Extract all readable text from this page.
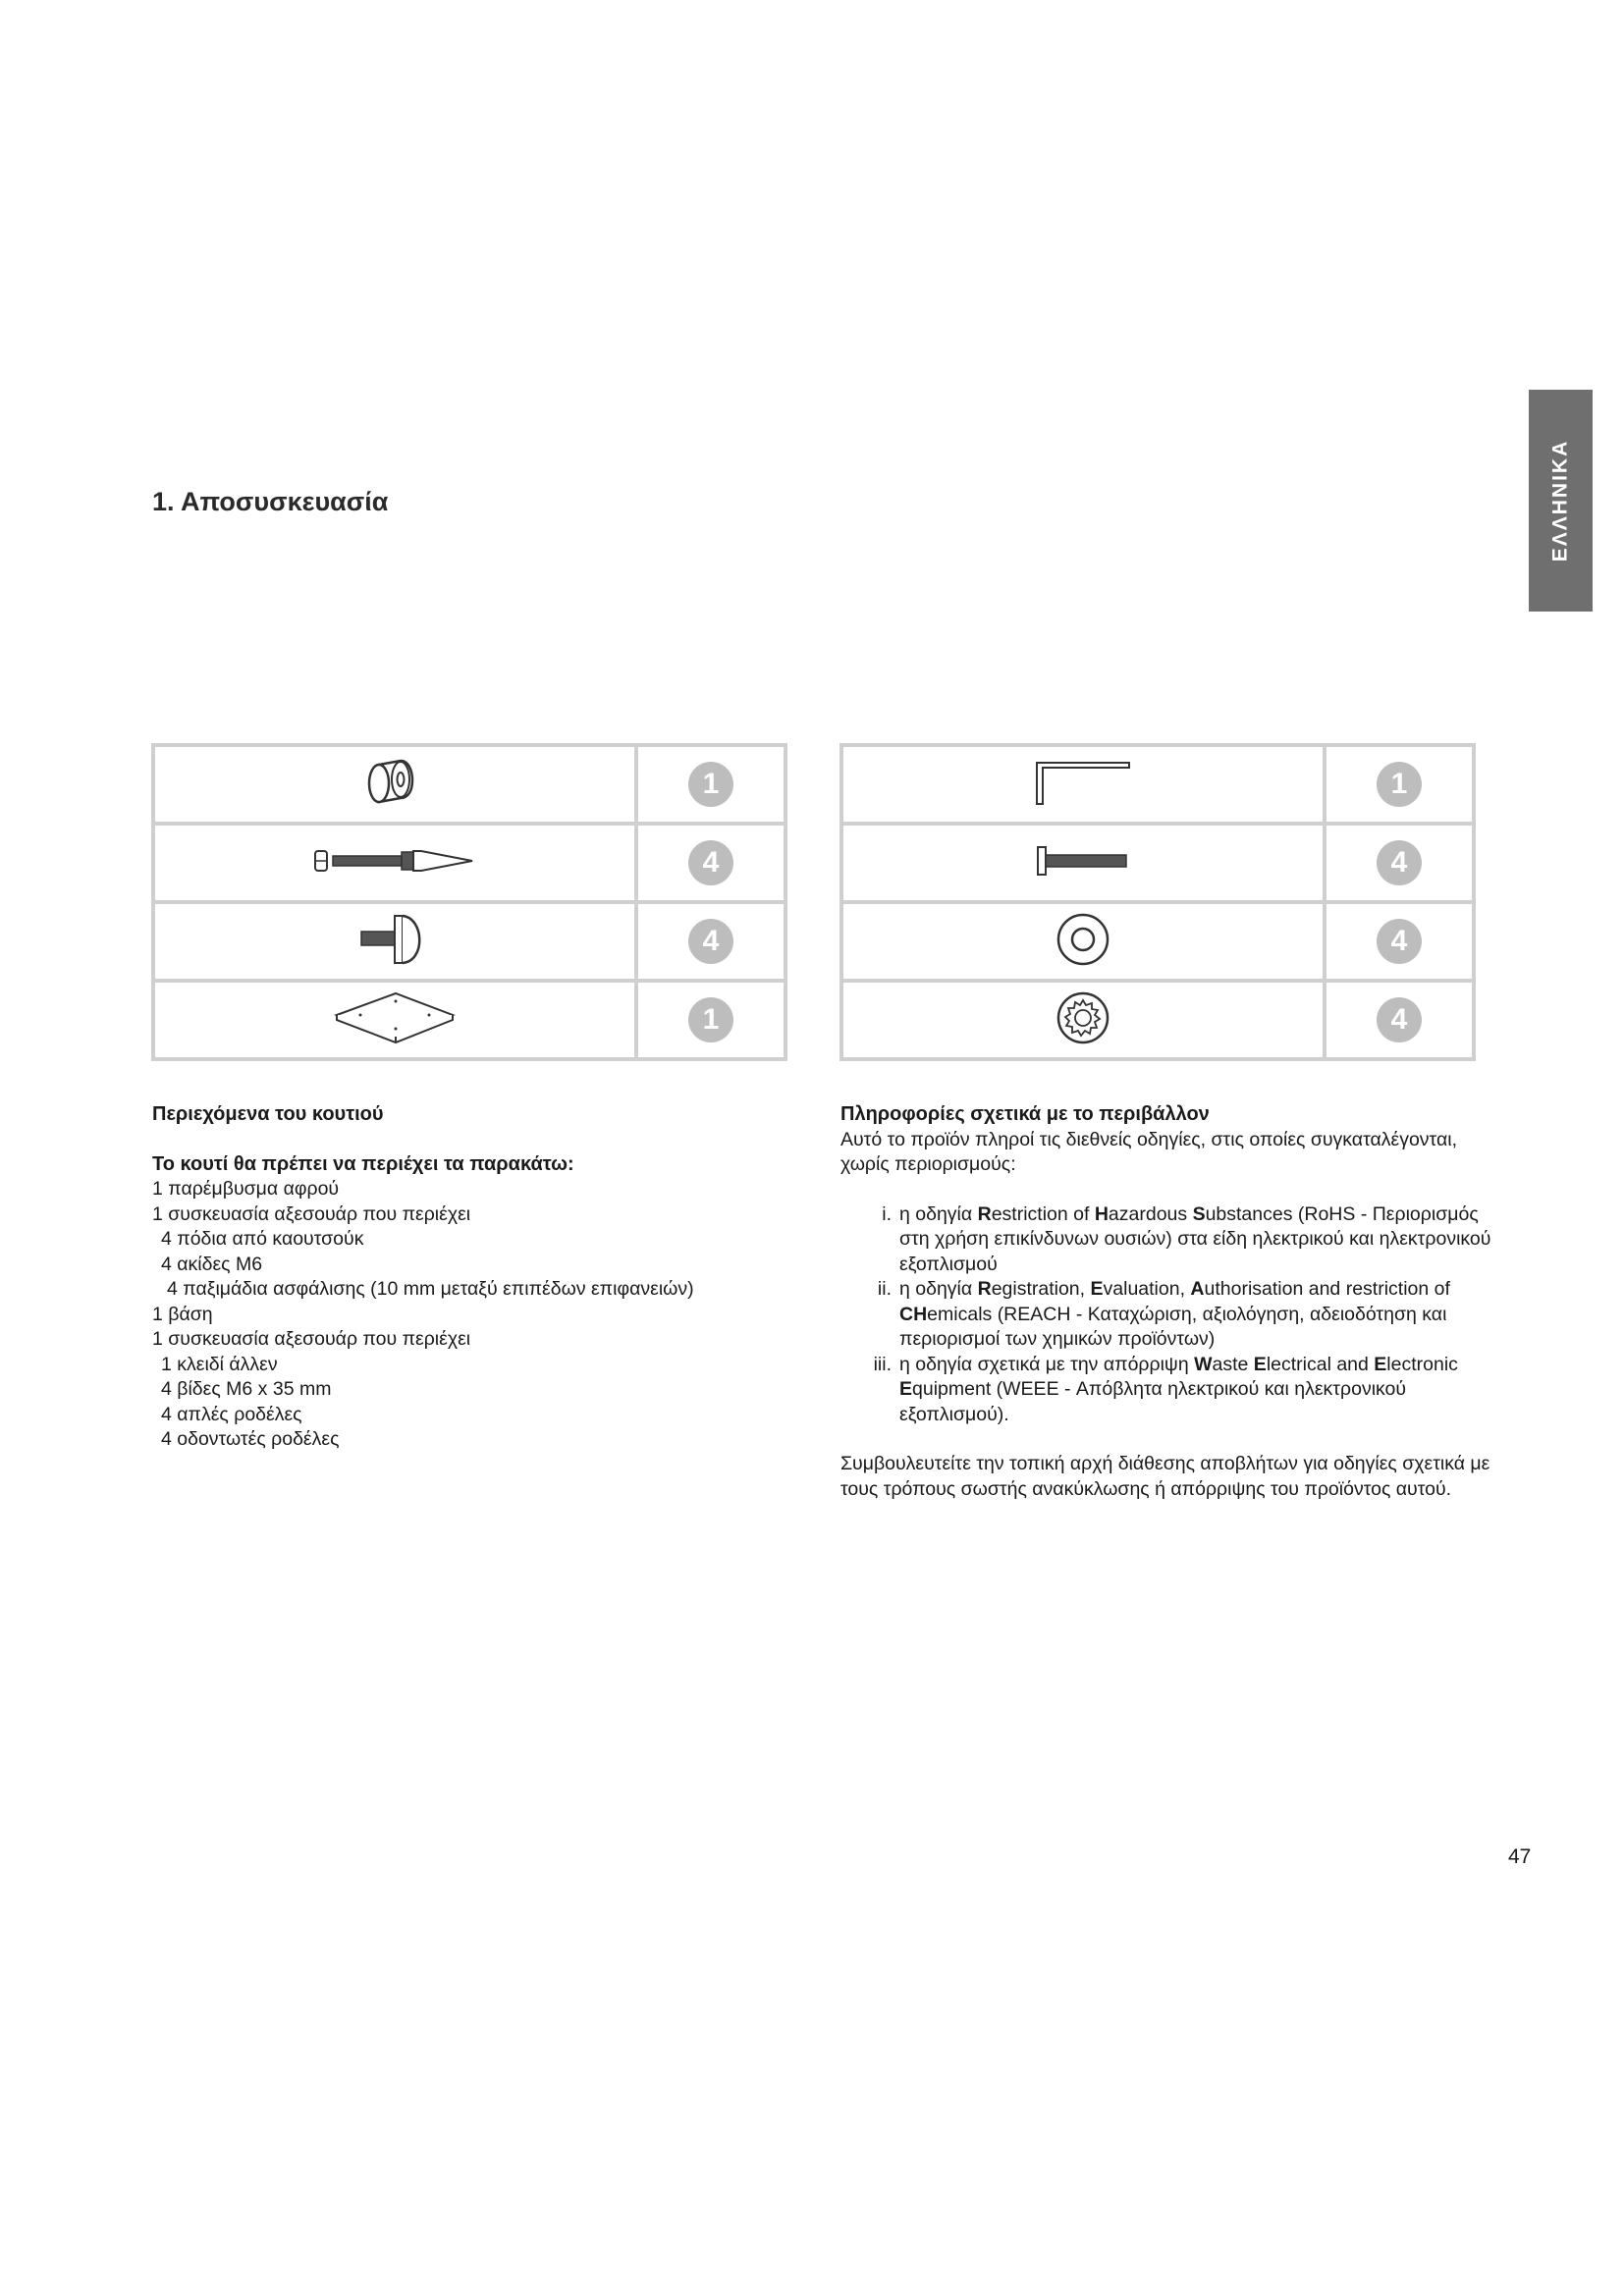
ΕΛΛΗΝΙΚΑ
1. Αποσυσκευασία
	1
	4
	4
	1
	1
	4
	4
	4

Περιεχόμενα του κουτιού

Το κουτί θα πρέπει να περιέχει τα παρακάτω:

1 παρέμβυσμα αφρού

1 συσκευασία αξεσουάρ που περιέχει

4 πόδια από καουτσούκ

4 ακίδες M6

4 παξιμάδια ασφάλισης (10 mm μεταξύ επιπέδων επιφανειών)

1 βάση

1 συσκευασία αξεσουάρ που περιέχει

1 κλειδί άλλεν

4 βίδες M6 x 35 mm

4 απλές ροδέλες

4 οδοντωτές ροδέλες

Πληροφορίες σχετικά με το περιβάλλον

Αυτό το προϊόν πληροί τις διεθνείς οδηγίες, στις οποίες συγκαταλέγονται, χωρίς περιορισμούς:

i. η οδηγία Restriction of Hazardous Substances (RoHS - Περιορισμός στη χρήση επικίνδυνων ουσιών) στα είδη ηλεκτρικού και ηλεκτρονικού εξοπλισμού
ii. η οδηγία Registration, Evaluation, Authorisation and restriction of CHemicals (REACH - Καταχώριση, αξιολόγηση, αδειοδότηση και περιορισμοί των χημικών προϊόντων)
iii. η οδηγία σχετικά με την απόρριψη Waste Electrical and Electronic Equipment (WEEE - Απόβλητα ηλεκτρικού και ηλεκτρονικού εξοπλισμού).

Συμβουλευτείτε την τοπική αρχή διάθεσης αποβλήτων για οδηγίες σχετικά με τους τρόπους σωστής ανακύκλωσης ή απόρριψης του προϊόντος αυτού.

47
